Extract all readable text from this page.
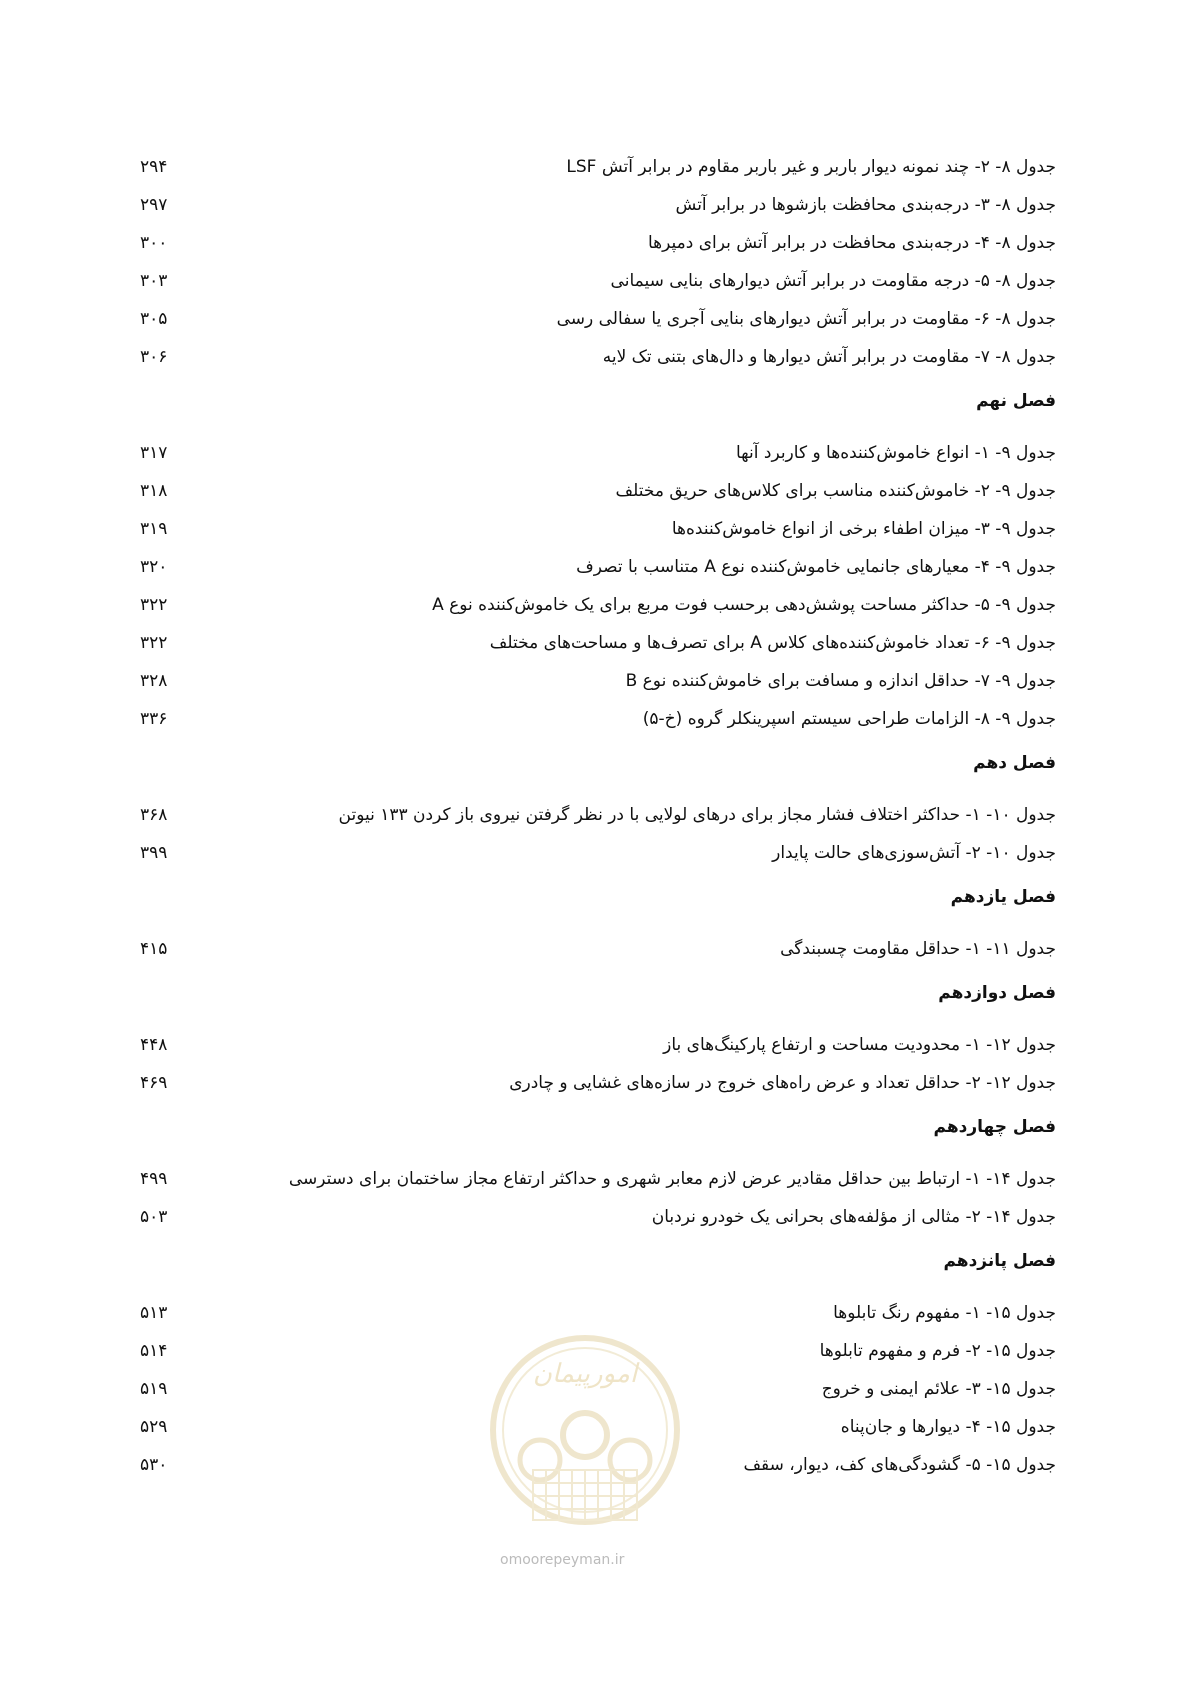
جدول ۸- ۲- چند نمونه دیوار باربر و غیر باربر مقاوم در برابر آتش LSF
۲۹۴
جدول ۸- ۳- درجه‌بندی محافظت بازشوها در برابر آتش
۲۹۷
جدول ۸- ۴- درجه‌بندی محافظت در برابر آتش برای دمپرها
۳۰۰
جدول ۸- ۵- درجه مقاومت در برابر آتش دیوارهای بنایی سیمانی
۳۰۳
جدول ۸- ۶- مقاومت در برابر آتش دیوارهای بنایی آجری یا سفالی رسی
۳۰۵
جدول ۸- ۷- مقاومت در برابر آتش دیوارها و دال‌های بتنی تک لایه
۳۰۶
فصل نهم
جدول ۹- ۱- انواع خاموش‌کننده‌ها و کاربرد آنها
۳۱۷
جدول ۹- ۲- خاموش‌کننده مناسب برای کلاس‌های حریق مختلف
۳۱۸
جدول ۹- ۳- میزان اطفاء برخی از انواع خاموش‌کننده‌ها
۳۱۹
جدول ۹- ۴- معیارهای جانمایی خاموش‌کننده نوع A متناسب با تصرف
۳۲۰
جدول ۹- ۵- حداکثر مساحت پوشش‌دهی برحسب فوت مربع برای یک خاموش‌کننده نوع A
۳۲۲
جدول ۹- ۶- تعداد خاموش‌کننده‌های کلاس A برای تصرف‌ها و مساحت‌های مختلف
۳۲۲
جدول ۹- ۷- حداقل اندازه و مسافت برای خاموش‌کننده نوع B
۳۲۸
جدول ۹- ۸- الزامات طراحی سیستم اسپرینکلر گروه (خ-۵)
۳۳۶
فصل دهم
جدول ۱۰- ۱- حداکثر اختلاف فشار مجاز برای درهای لولایی با در نظر گرفتن نیروی باز کردن ۱۳۳ نیوتن
۳۶۸
جدول ۱۰- ۲- آتش‌سوزی‌های حالت پایدار
۳۹۹
فصل یازدهم
جدول ۱۱- ۱- حداقل مقاومت چسبندگی
۴۱۵
فصل دوازدهم
جدول ۱۲- ۱- محدودیت مساحت و ارتفاع پارکینگ‌های باز
۴۴۸
جدول ۱۲- ۲- حداقل تعداد و عرض راه‌های خروج در سازه‌های غشایی و چادری
۴۶۹
فصل چهاردهم
جدول ۱۴- ۱- ارتباط بین حداقل مقادیر عرض لازم معابر شهری و حداکثر ارتفاع مجاز ساختمان برای دسترسی
۴۹۹
جدول ۱۴- ۲- مثالی از مؤلفه‌های بحرانی یک خودرو نردبان
۵۰۳
فصل پانزدهم
جدول ۱۵- ۱- مفهوم رنگ تابلوها
۵۱۳
جدول ۱۵- ۲- فرم و مفهوم تابلوها
۵۱۴
جدول ۱۵- ۳- علائم ایمنی و خروج
۵۱۹
جدول ۱۵- ۴- دیوارها و جان‌پناه
۵۲۹
جدول ۱۵- ۵- گشودگی‌های کف، دیوار، سقف
۵۳۰
امورپیمان
omoorepeyman.ir
